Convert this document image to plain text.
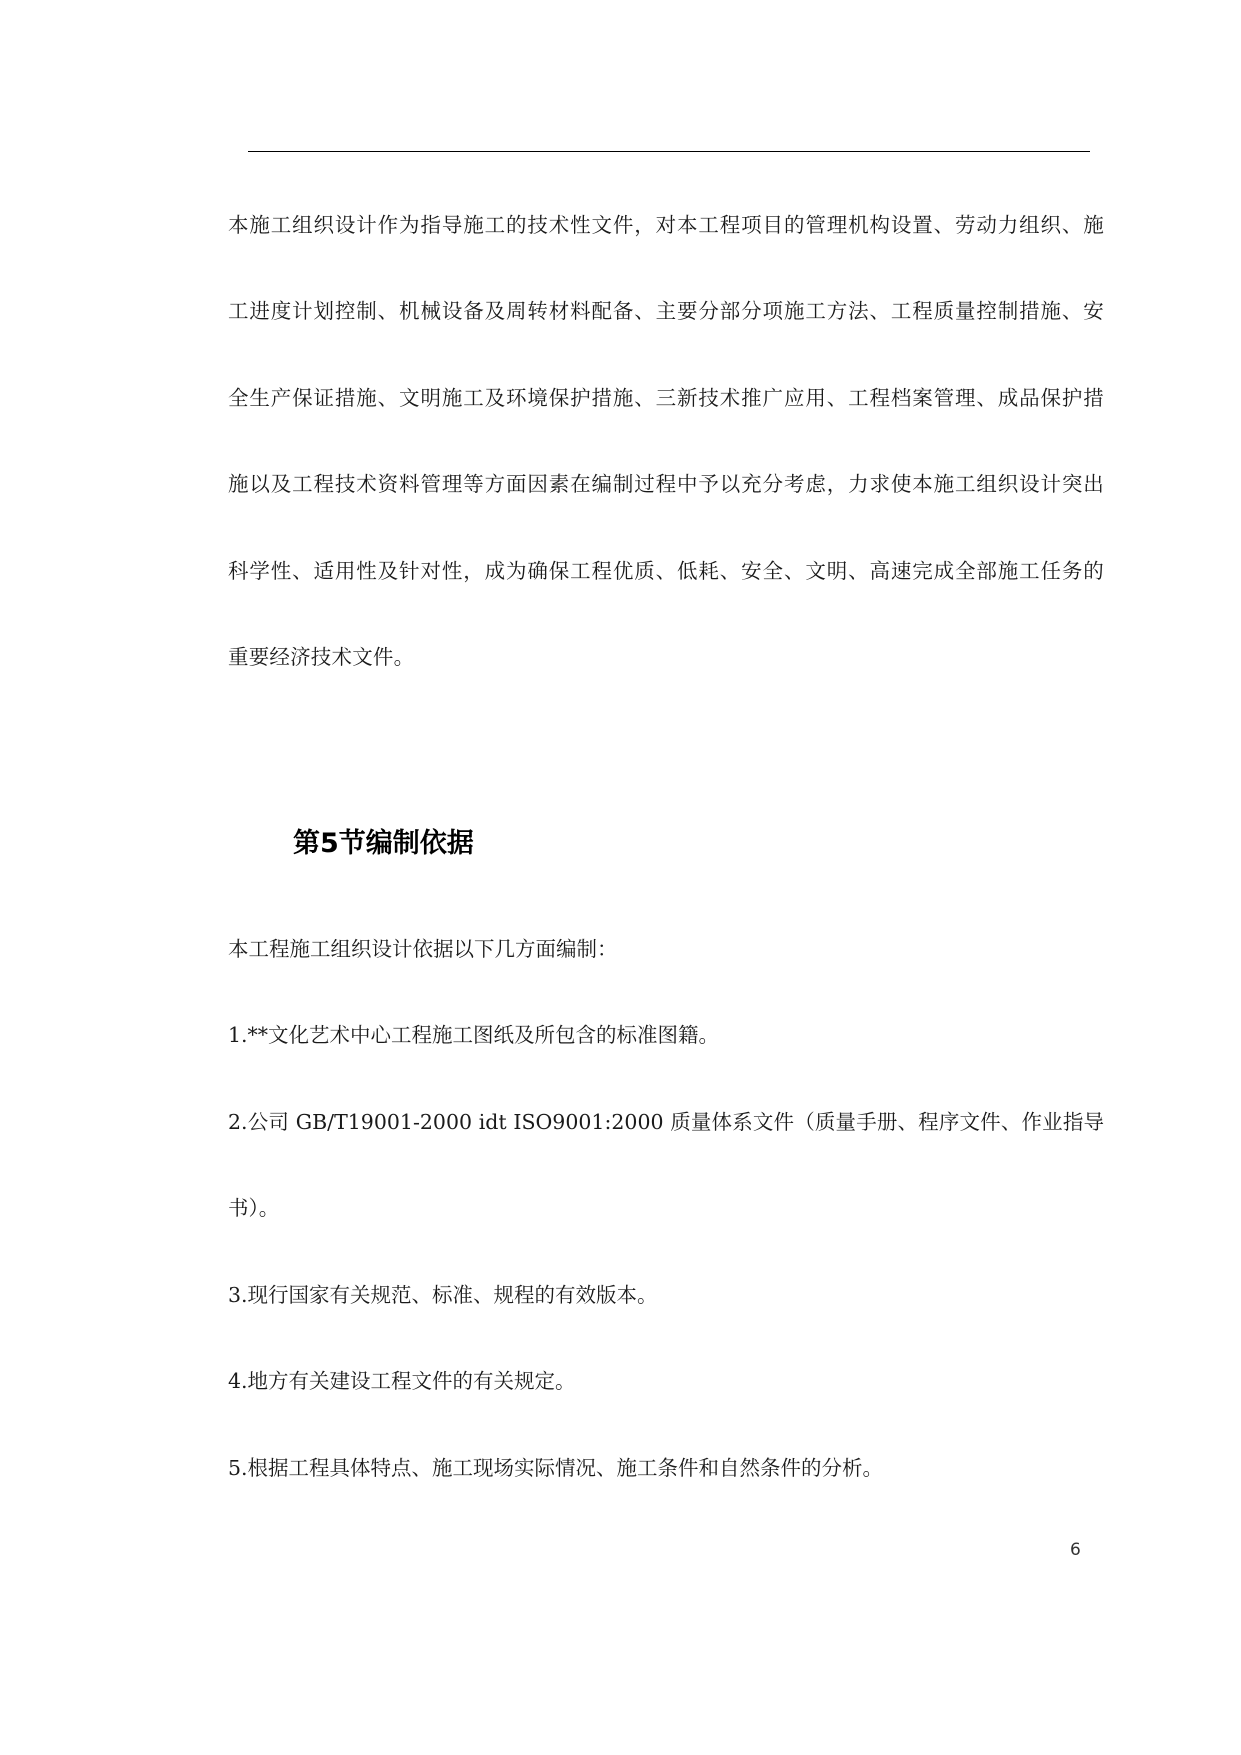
本施工组织设计作为指导施工的技术性文件，对本工程项目的管理机构设置、劳动力组织、施
工进度计划控制、机械设备及周转材料配备、主要分部分项施工方法、工程质量控制措施、安
全生产保证措施、文明施工及环境保护措施、三新技术推广应用、工程档案管理、成品保护措
施以及工程技术资料管理等方面因素在编制过程中予以充分考虑，力求使本施工组织设计突出
科学性、适用性及针对性，成为确保工程优质、低耗、安全、文明、高速完成全部施工任务的
重要经济技术文件。
第5节编制依据
本工程施工组织设计依据以下几方面编制：
1.**文化艺术中心工程施工图纸及所包含的标准图籍。
2.公司 GB/T19001-2000 idt ISO9001:2000 质量体系文件（质量手册、程序文件、作业指导
书）。
3.现行国家有关规范、标准、规程的有效版本。
4.地方有关建设工程文件的有关规定。
5.根据工程具体特点、施工现场实际情况、施工条件和自然条件的分析。
6
